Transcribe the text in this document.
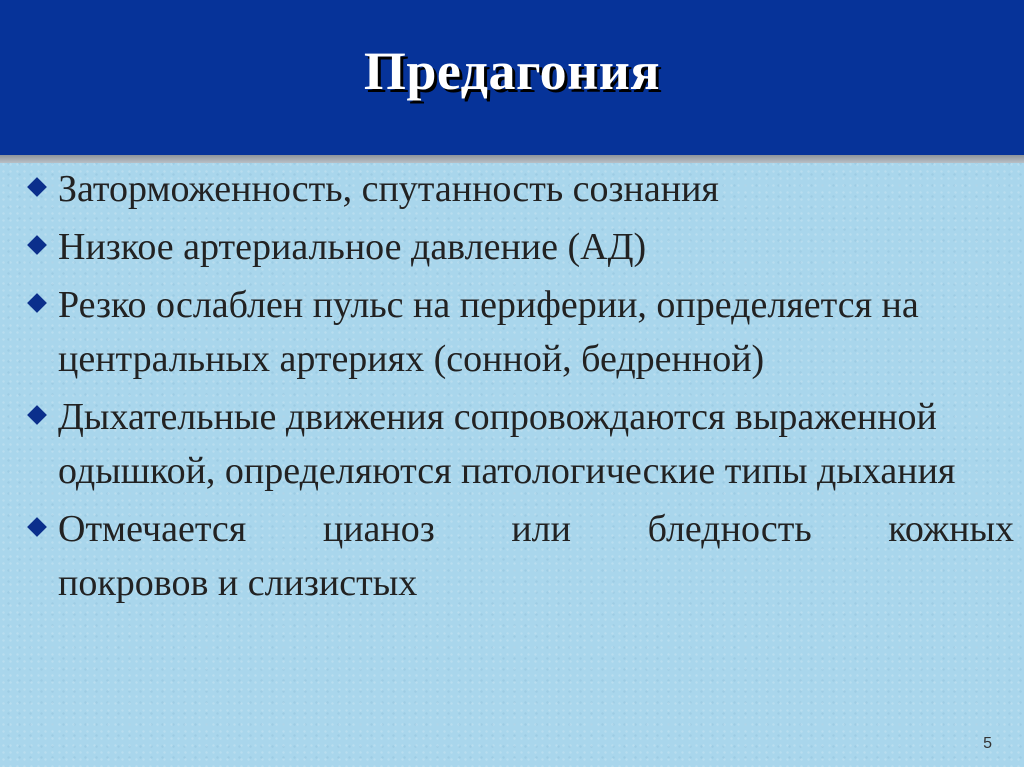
Предагония
Заторможенность, спутанность сознания
Низкое артериальное давление (АД)
Резко ослаблен пульс на периферии, определяется на центральных артериях (сонной, бедренной)
Дыхательные движения сопровождаются выраженной одышкой, определяются патологические типы дыхания
Отмечается цианоз или бледность кожных
покровов и слизистых
5
